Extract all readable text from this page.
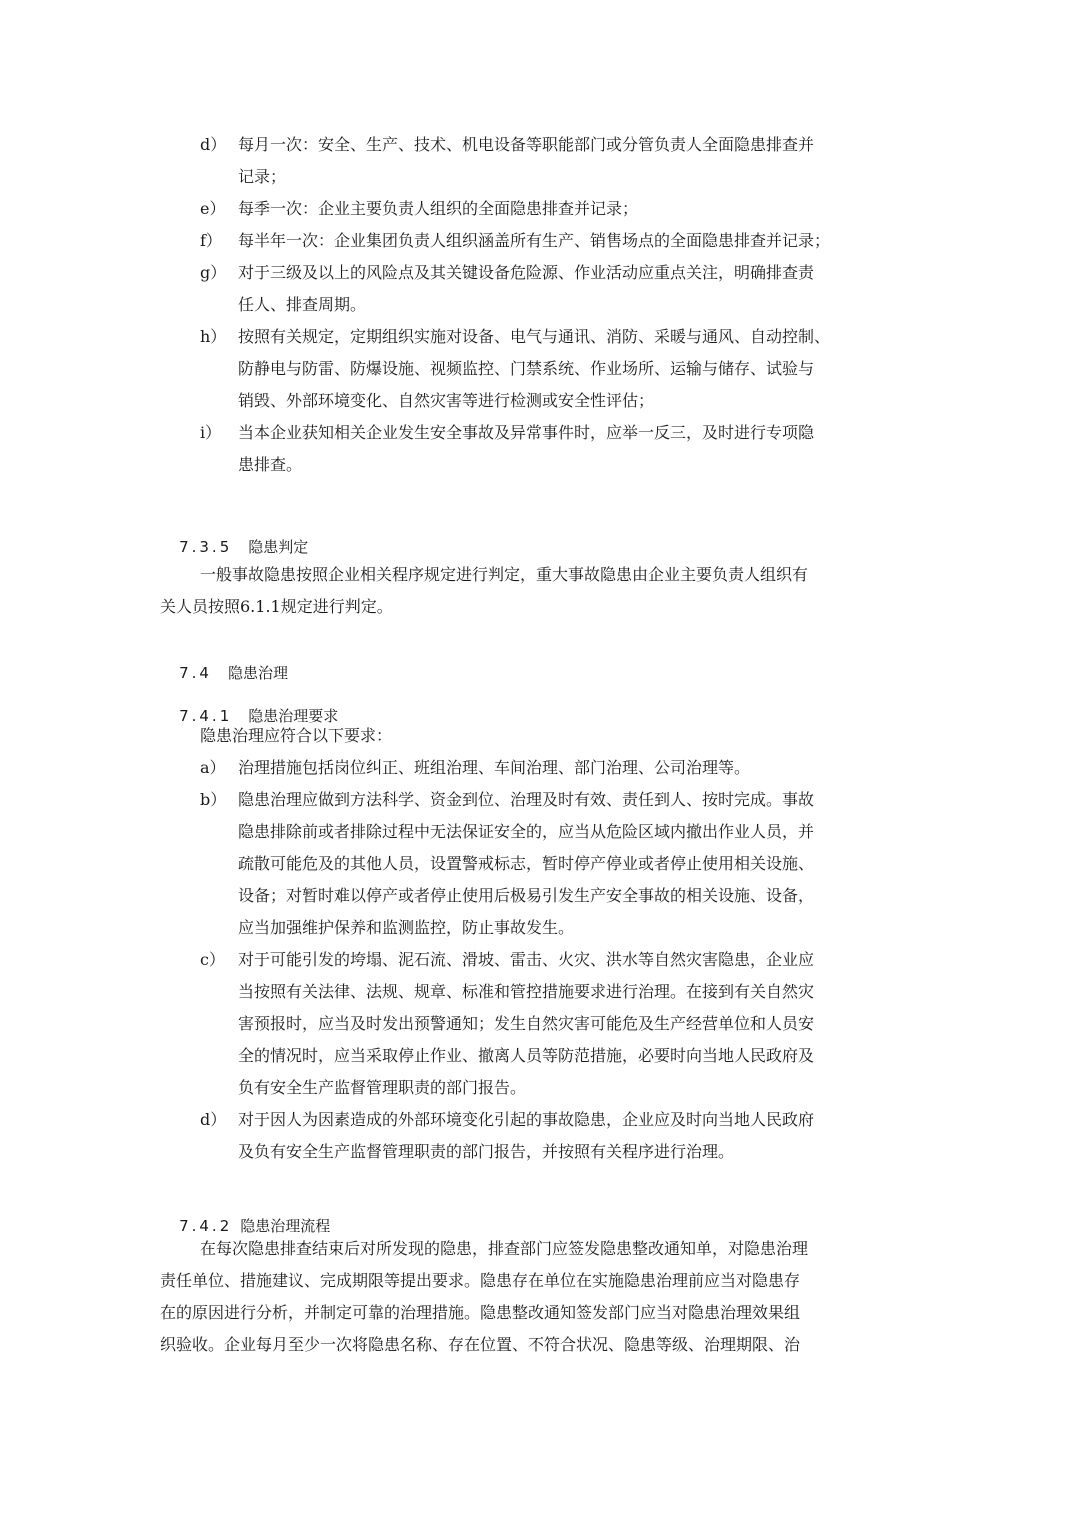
d） 每月一次：安全、生产、技术、机电设备等职能部门或分管负责人全面隐患排查并
记录；
e） 每季一次：企业主要负责人组织的全面隐患排查并记录；
f） 每半年一次：企业集团负责人组织涵盖所有生产、销售场点的全面隐患排查并记录；
g） 对于三级及以上的风险点及其关键设备危险源、作业活动应重点关注，明确排查责
任人、排查周期。
h） 按照有关规定，定期组织实施对设备、电气与通讯、消防、采暖与通风、自动控制、
防静电与防雷、防爆设施、视频监控、门禁系统、作业场所、运输与储存、试验与
销毁、外部环境变化、自然灾害等进行检测或安全性评估；
i） 当本企业获知相关企业发生安全事故及异常事件时，应举一反三，及时进行专项隐
患排查。

7.3.5 隐患判定

一般事故隐患按照企业相关程序规定进行判定，重大事故隐患由企业主要负责人组织有
关人员按照6.1.1规定进行判定。

7.4 隐患治理

7.4.1 隐患治理要求

隐患治理应符合以下要求：
a） 治理措施包括岗位纠正、班组治理、车间治理、部门治理、公司治理等。
b） 隐患治理应做到方法科学、资金到位、治理及时有效、责任到人、按时完成。事故
隐患排除前或者排除过程中无法保证安全的，应当从危险区域内撤出作业人员，并
疏散可能危及的其他人员，设置警戒标志，暂时停产停业或者停止使用相关设施、
设备；对暂时难以停产或者停止使用后极易引发生产安全事故的相关设施、设备，
应当加强维护保养和监测监控，防止事故发生。
c） 对于可能引发的垮塌、泥石流、滑坡、雷击、火灾、洪水等自然灾害隐患，企业应
当按照有关法律、法规、规章、标准和管控措施要求进行治理。在接到有关自然灾
害预报时，应当及时发出预警通知；发生自然灾害可能危及生产经营单位和人员安
全的情况时，应当采取停止作业、撤离人员等防范措施，必要时向当地人民政府及
负有安全生产监督管理职责的部门报告。
d） 对于因人为因素造成的外部环境变化引起的事故隐患，企业应及时向当地人民政府
及负有安全生产监督管理职责的部门报告，并按照有关程序进行治理。

7.4.2 隐患治理流程

在每次隐患排查结束后对所发现的隐患，排查部门应签发隐患整改通知单，对隐患治理
责任单位、措施建议、完成期限等提出要求。隐患存在单位在实施隐患治理前应当对隐患存
在的原因进行分析，并制定可靠的治理措施。隐患整改通知签发部门应当对隐患治理效果组
织验收。企业每月至少一次将隐患名称、存在位置、不符合状况、隐患等级、治理期限、治
